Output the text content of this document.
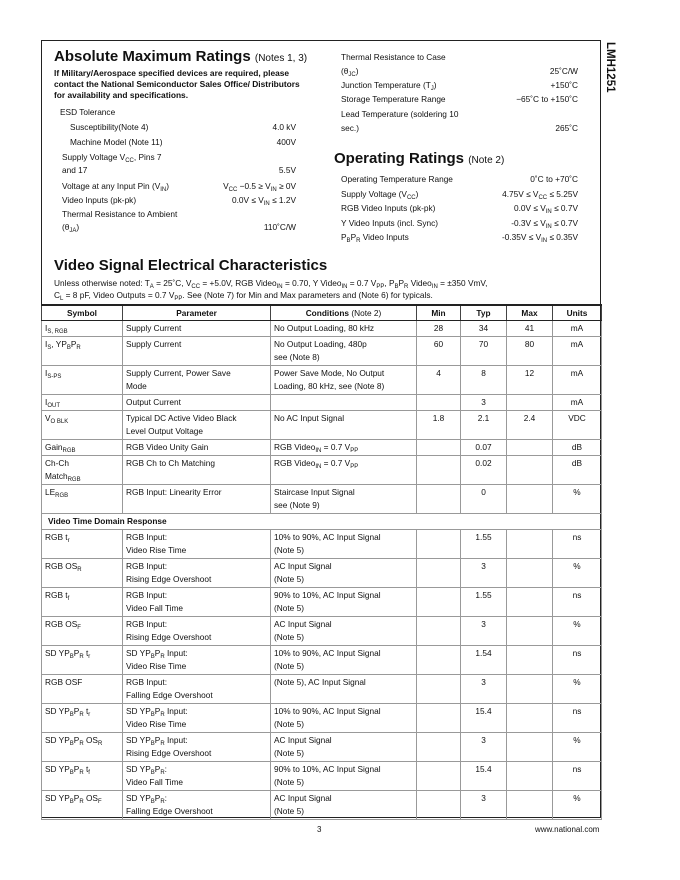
LMH1251
Absolute Maximum Ratings (Notes 1, 3)
If Military/Aerospace specified devices are required, please contact the National Semiconductor Sales Office/ Distributors for availability and specifications.
ESD Tolerance
Susceptibility(Note 4)	4.0 kV
Machine Model (Note 11)	400V
Supply Voltage $V_{CC}$, Pins 7
and 17	5.5V
Voltage at any Input Pin $(V_{IN})$	$V_{CC} -0.5 \ge V_{IN} \ge 0V$
Video Inputs (pk-pk)	$0.0V \le V_{IN} \le 1.2V$
Thermal Resistance to Ambient
$(\theta_{JA})$	110˚C/W
Thermal Resistance to Case
$(\theta_{JC})$	25˚C/W
Junction Temperature $(T_J)$	+150˚C
Storage Temperature Range	−65˚C to +150˚C
Lead Temperature (soldering 10
sec.)	265˚C
Operating Ratings (Note 2)
Operating Temperature Range	0˚C to +70˚C
Supply Voltage $(V_{CC})$	$4.75V \le V_{CC} \le 5.25V$
RGB Video Inputs (pk-pk)	$0.0V \le V_{IN} \le 0.7V$
Y Video Inputs (incl. Sync)	$-0.3V \le V_{IN} \le 0.7V$
$P_BP_R$ Video Inputs	$-0.35V \le V_{IN} \le 0.35V$
Video Signal Electrical Characteristics
Unless otherwise noted: $T_A$ = 25˚C, $V_{CC} = +5.0V$, RGB Video$_{IN}$ = 0.70, Y Video$_{IN}$ = 0.7 $V_{PP}$, $P_BP_R$ Video$_{IN}$ = ±350 VmV,
$C_L = 8$ pF, Video Outputs = 0.7 $V_{PP}$. See (Note 7) for Min and Max parameters and (Note 6) for typicals.
Symbol	Parameter	Conditions (Note 2)	Min	Typ	Max	Units
$I_{S, RGB}$	Supply Current	No Output Loading, 80 kHz	28	34	41	mA
$I_S$, $YP_BP_R$	Supply Current	No Output Loading, 480p
see (Note 8)	60	70	80	mA
$I_{S-PS}$	Supply Current, Power Save
Mode	Power Save Mode, No Output
Loading, 80 kHz, see (Note 8)	4	8	12	mA
$I_{OUT}$	Output Current			3		mA
$V_{O BLK}$	Typical DC Active Video Black
Level Output Voltage	No AC Input Signal	1.8	2.1	2.4	VDC
Gain$_{RGB}$	RGB Video Unity Gain	RGB Video$_{IN}$ = 0.7 $V_{PP}$		0.07		dB
Ch-Ch
Match$_{RGB}$	RGB Ch to Ch Matching	RGB Video$_{IN}$ = 0.7 $V_{PP}$		0.02		dB
$LE_{RGB}$	RGB Input: Linearity Error	Staircase Input Signal
see (Note 9)		0		%
Video Time Domain Response						
RGB $t_r$	RGB Input:
Video Rise Time	10% to 90%, AC Input Signal
(Note 5)		1.55		ns
RGB $OS_R$	RGB Input:
Rising Edge Overshoot	AC Input Signal
(Note 5)		3		%
RGB $t_f$	RGB Input:
Video Fall Time	90% to 10%, AC Input Signal
(Note 5)		1.55		ns
RGB $OS_F$	RGB Input:
Rising Edge Overshoot	AC Input Signal
(Note 5)		3		%
SD $YP_BP_R$ $t_r$	SD $YP_BP_R$ Input:
Video Rise Time	10% to 90%, AC Input Signal
(Note 5)		1.54		ns
RGB OSF	RGB Input:
Falling Edge Overshoot	(Note 5), AC Input Signal		3		%
SD $YP_BP_R$ $t_r$	SD $YP_BP_R$ Input:
Video Rise Time	10% to 90%, AC Input Signal
(Note 5)		15.4		ns
SD $YP_BP_R$ $OS_R$	SD $YP_BP_R$ Input:
Rising Edge Overshoot	AC Input Signal
(Note 5)		3		%
SD $YP_BP_R$ $t_f$	SD $YP_BP_R$:
Video Fall Time	90% to 10%, AC Input Signal
(Note 5)		15.4		ns
SD $YP_BP_R$ $OS_F$	SD $YP_BP_R$:
Falling Edge Overshoot	AC Input Signal
(Note 5)		3		%
3	www.national.com
